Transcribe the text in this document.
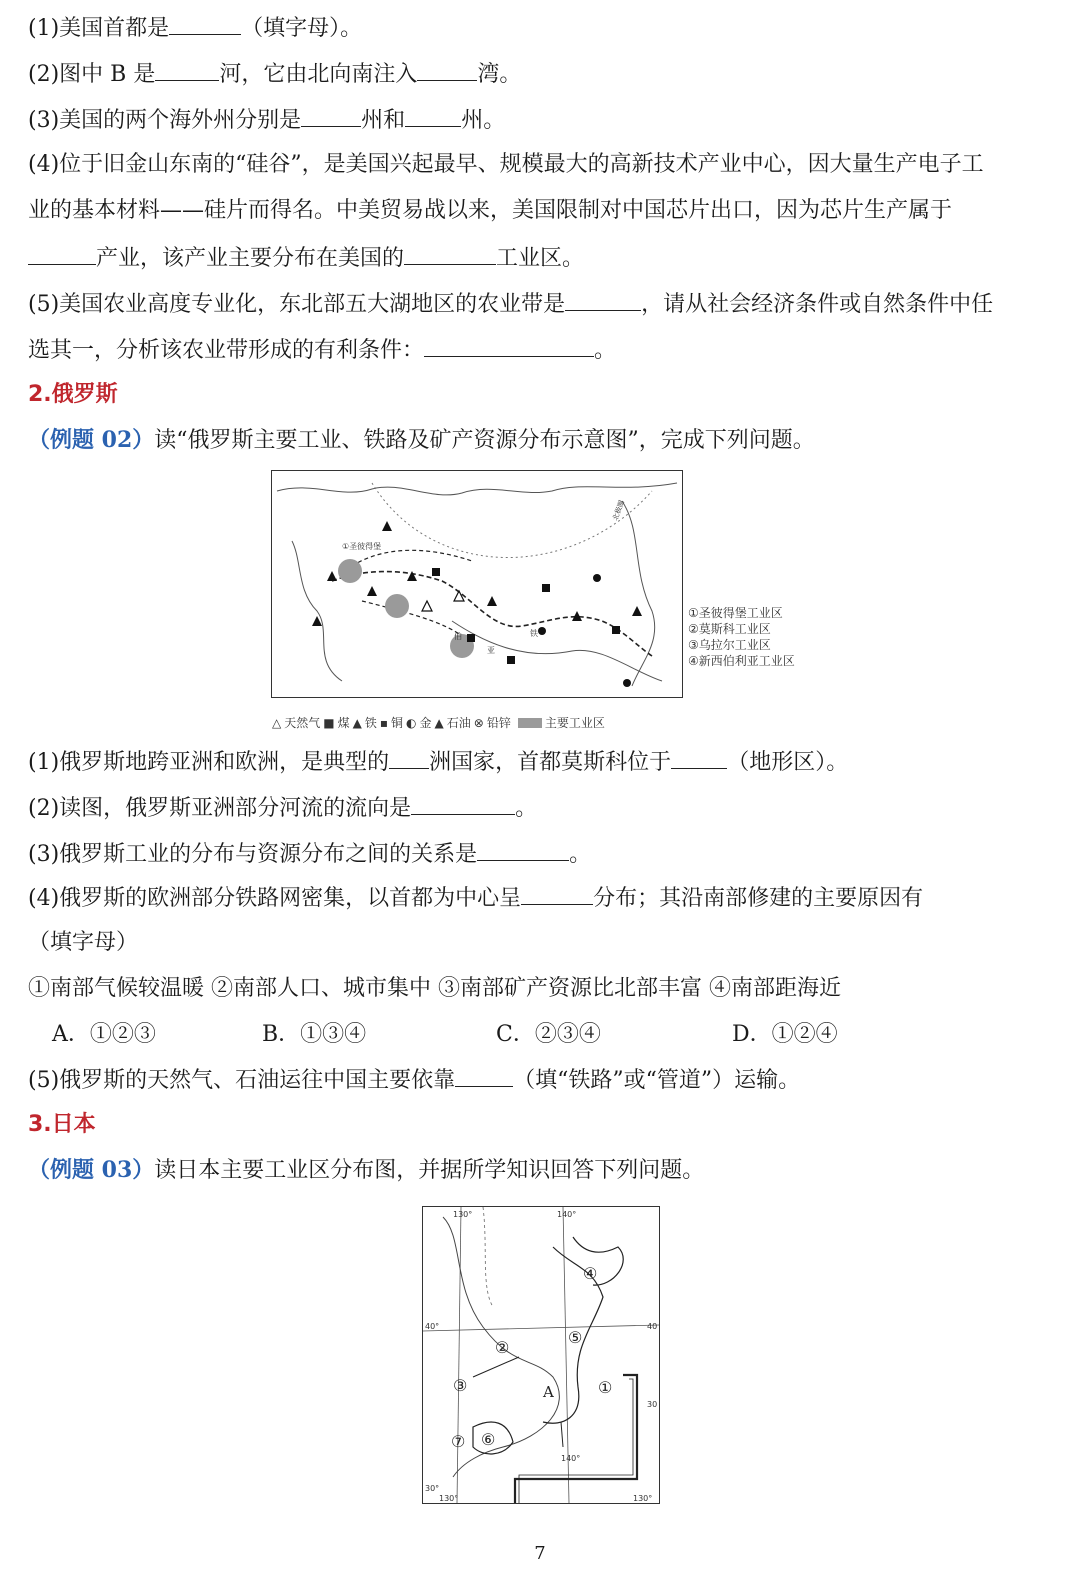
(1)美国首都是	（填字母）。
(2)图中 B 是	河，它由北向南注入	湾。
(3)美国的两个海外州分别是	州和	州。
(4)位于旧金山东南的“硅谷”，是美国兴起最早、规模最大的高新技术产业中心，因大量生产电子工
业的基本材料——硅片而得名。中美贸易战以来，美国限制对中国芯片出口，因为芯片生产属于
产业，该产业主要分布在美国的	工业区。
(5)美国农业高度专业化，东北部五大湖地区的农业带是	，请从社会经济条件或自然条件中任
选其一，分析该农业带形成的有利条件：	。
2.俄罗斯
（例题 02）读“俄罗斯主要工业、铁路及矿产资源分布示意图”，完成下列问题。
①圣彼得堡
伯	铁
亚
北极圈
①圣彼得堡工业区
②莫斯科工业区
③乌拉尔工业区
④新西伯利亚工业区
△ 天然气 ■ 煤 ▲ 铁 ▪ 铜 ◐ 金 ▲ 石油 ⊗ 铅锌	主要工业区
(1)俄罗斯地跨亚洲和欧洲，是典型的 洲国家，首都莫斯科位于	（地形区）。
(2)读图，俄罗斯亚洲部分河流的流向是	。
(3)俄罗斯工业的分布与资源分布之间的关系是	。
(4)俄罗斯的欧洲部分铁路网密集，以首都为中心呈	分布；其沿南部修建的主要原因有
（填字母）
①南部气候较温暖 ②南部人口、城市集中 ③南部矿产资源比北部丰富 ④南部距海近
A．①②③	B．①③④	C．②③④	D．①②④
(5)俄罗斯的天然气、石油运往中国主要依靠	（填“铁路”或“管道”）运输。
3.日本
（例题 03）读日本主要工业区分布图，并据所学知识回答下列问题。
①
②
③
④
⑤
⑥
⑦
A
130°	140°
40°	40
30
140°
30°
130°	130°
7
